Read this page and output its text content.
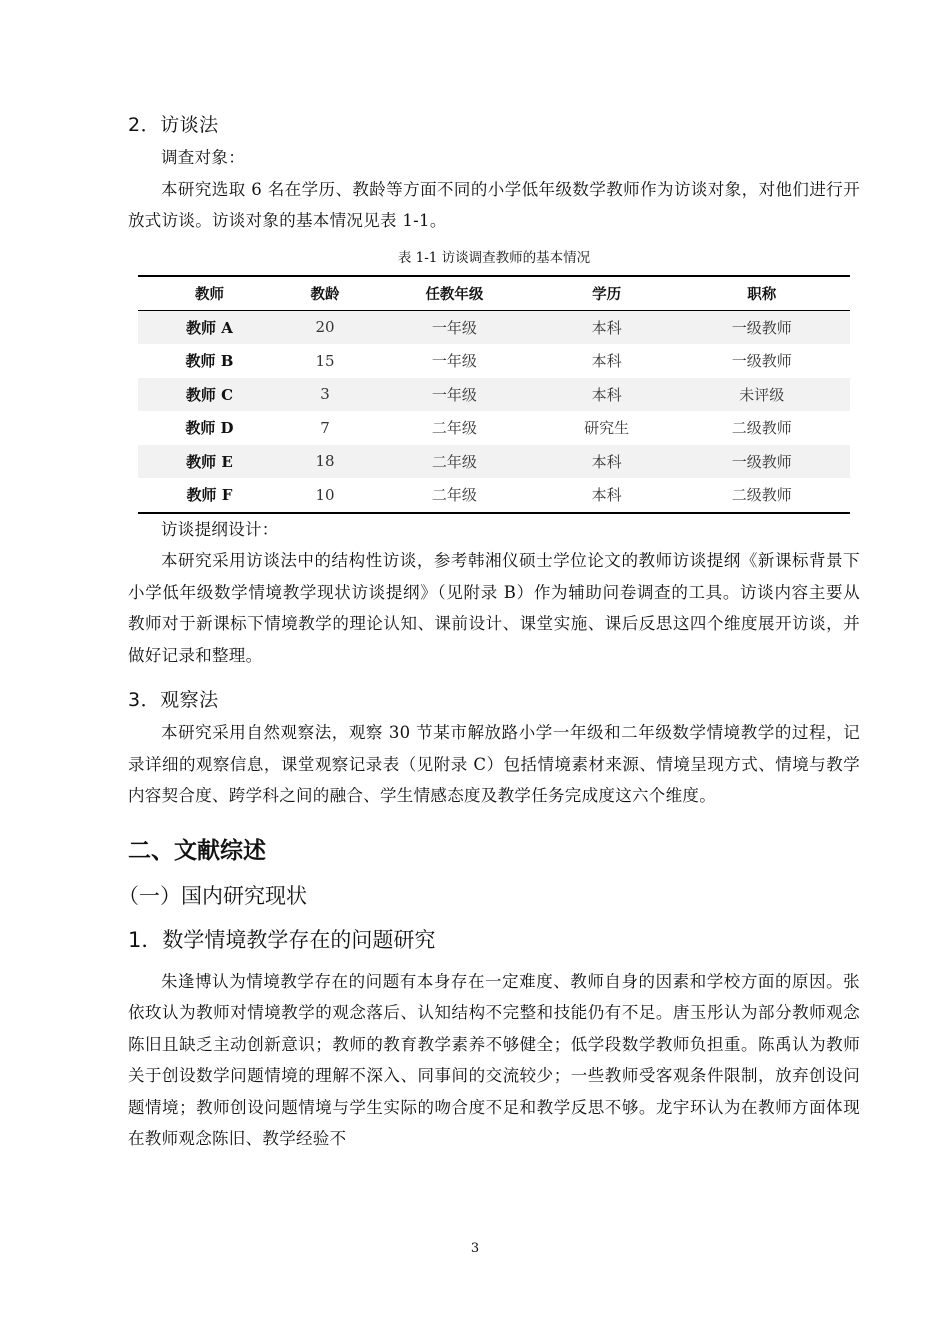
2．访谈法

调查对象：

本研究选取 6 名在学历、教龄等方面不同的小学低年级数学教师作为访谈对象，对他们进行开放式访谈。访谈对象的基本情况见表 1-1。

表 1-1 访谈调查教师的基本情况
教师	教龄	任教年级	学历	职称
教师 A	20	一年级	本科	一级教师
教师 B	15	一年级	本科	一级教师
教师 C	3	一年级	本科	未评级
教师 D	7	二年级	研究生	二级教师
教师 E	18	二年级	本科	一级教师
教师 F	10	二年级	本科	二级教师

访谈提纲设计：

本研究采用访谈法中的结构性访谈，参考韩湘仪硕士学位论文的教师访谈提纲《新课标背景下小学低年级数学情境教学现状访谈提纲》（见附录 B）作为辅助问卷调查的工具。访谈内容主要从教师对于新课标下情境教学的理论认知、课前设计、课堂实施、课后反思这四个维度展开访谈，并做好记录和整理。

3．观察法

本研究采用自然观察法，观察 30 节某市解放路小学一年级和二年级数学情境教学的过程，记录详细的观察信息，课堂观察记录表（见附录 C）包括情境素材来源、情境呈现方式、情境与教学内容契合度、跨学科之间的融合、学生情感态度及教学任务完成度这六个维度。

二、文献综述
（一）国内研究现状
1．数学情境教学存在的问题研究

朱逢博认为情境教学存在的问题有本身存在一定难度、教师自身的因素和学校方面的原因。张依玫认为教师对情境教学的观念落后、认知结构不完整和技能仍有不足。唐玉彤认为部分教师观念陈旧且缺乏主动创新意识；教师的教育教学素养不够健全；低学段数学教师负担重。陈禹认为教师关于创设数学问题情境的理解不深入、同事间的交流较少；一些教师受客观条件限制，放弃创设问题情境；教师创设问题情境与学生实际的吻合度不足和教学反思不够。龙宇环认为在教师方面体现在教师观念陈旧、教学经验不

3
